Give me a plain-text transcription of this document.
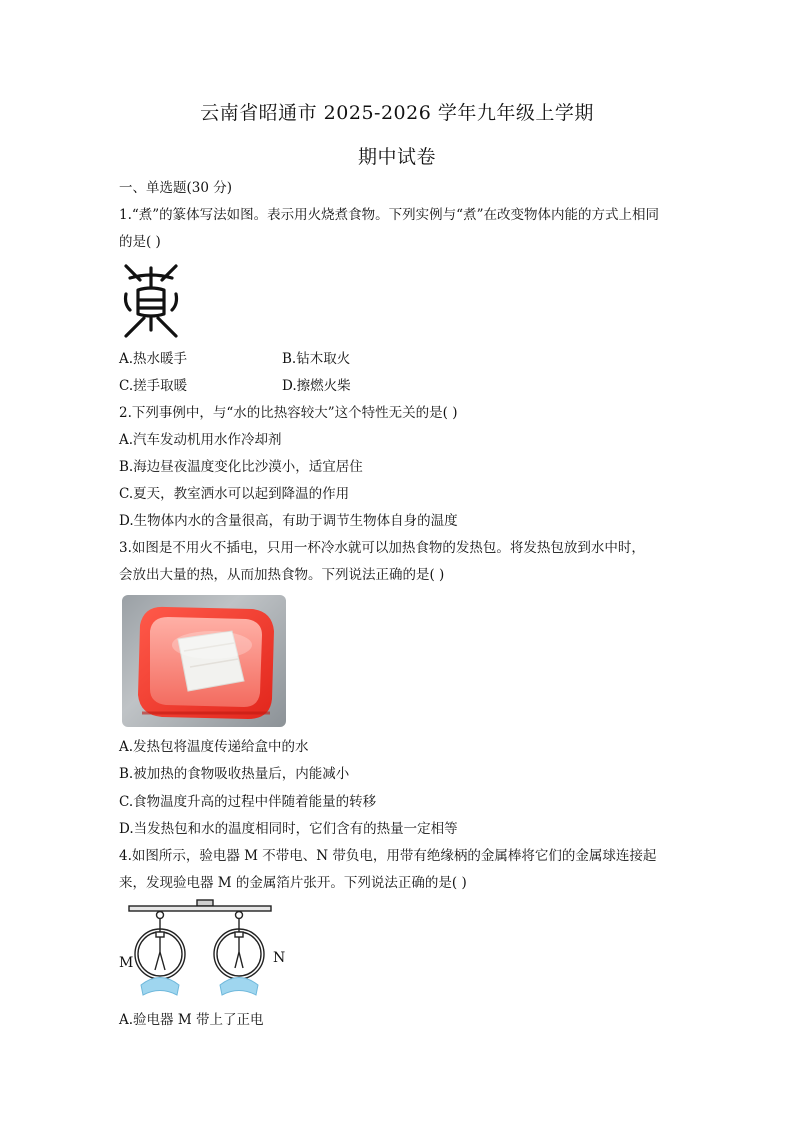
云南省昭通市 2025-2026 学年九年级上学期
期中试卷
一、单选题(30 分)
1.“煮”的篆体写法如图。表示用火烧煮食物。下列实例与“煮”在改变物体内能的方式上相同
的是( )
A.热水暖手	B.钻木取火
C.搓手取暖	D.擦燃火柴
2.下列事例中，与“水的比热容较大”这个特性无关的是( )
A.汽车发动机用水作冷却剂
B.海边昼夜温度变化比沙漠小，适宜居住
C.夏天，教室洒水可以起到降温的作用
D.生物体内水的含量很高，有助于调节生物体自身的温度
3.如图是不用火不插电，只用一杯冷水就可以加热食物的发热包。将发热包放到水中时，
会放出大量的热，从而加热食物。下列说法正确的是( )
A.发热包将温度传递给盒中的水
B.被加热的食物吸收热量后，内能减小
C.食物温度升高的过程中伴随着能量的转移
D.当发热包和水的温度相同时，它们含有的热量一定相等
4.如图所示，验电器 M 不带电、N 带负电，用带有绝缘柄的金属棒将它们的金属球连接起
来，发现验电器 M 的金属箔片张开。下列说法正确的是( )
M	N
A.验电器 M 带上了正电
